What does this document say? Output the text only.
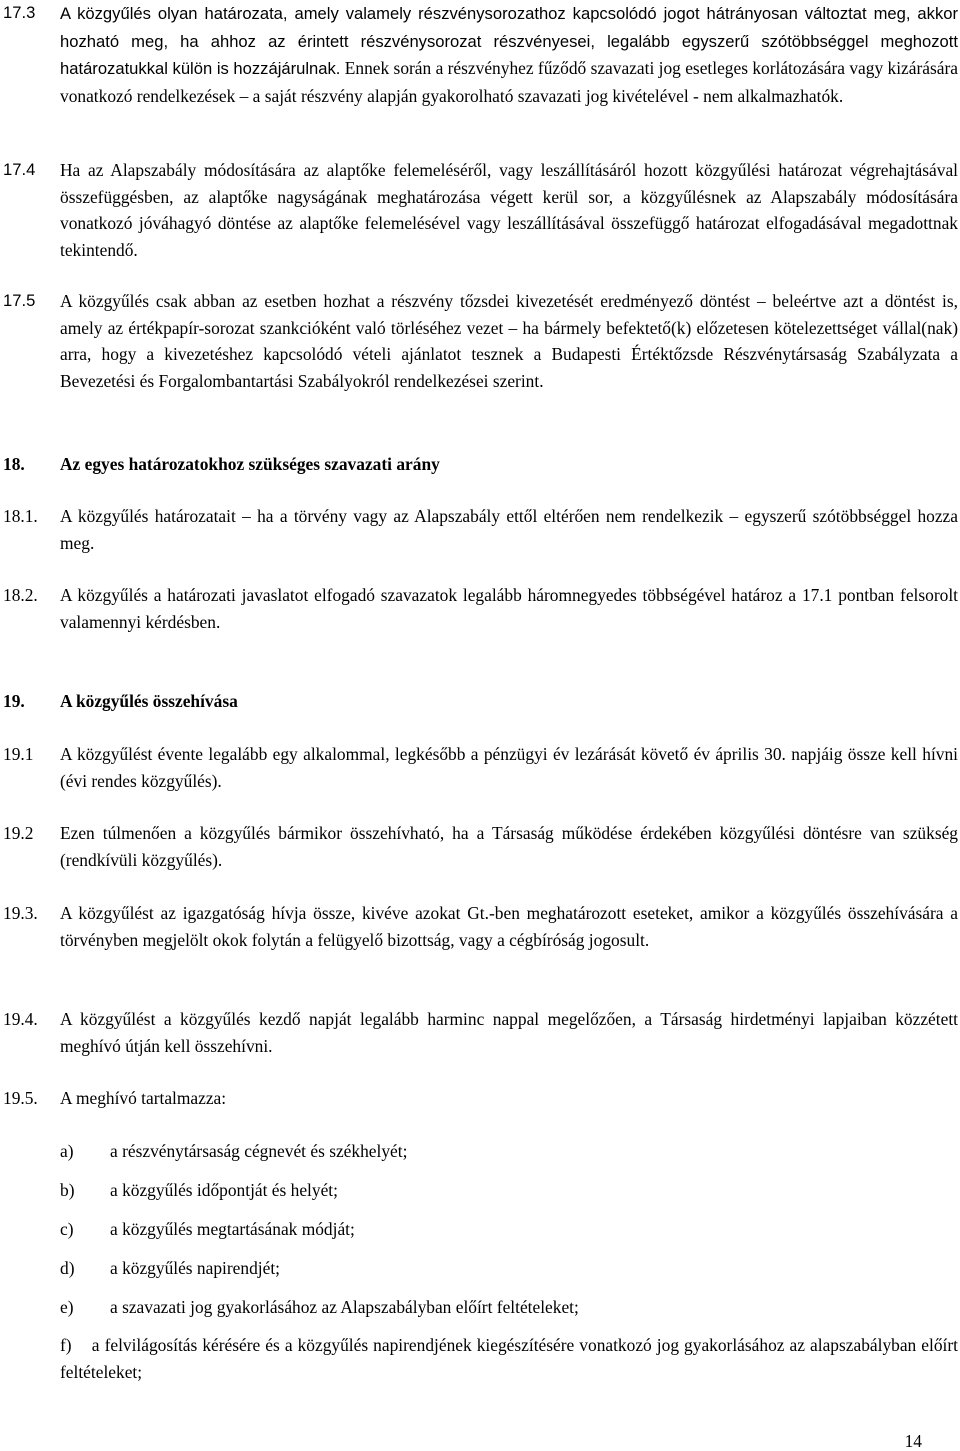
17.3 A közgyűlés olyan határozata, amely valamely részvénysorozathoz kapcsolódó jogot hátrányosan változtat meg, akkor hozható meg, ha ahhoz az érintett részvénysorozat részvényesei, legalább egyszerű szótöbbséggel meghozott határozatukkal külön is hozzájárulnak. Ennek során a részvényhez fűződő szavazati jog esetleges korlátozására vagy kizárására vonatkozó rendelkezések – a saját részvény alapján gyakorolható szavazati jog kivételével - nem alkalmazhatók.
17.4 Ha az Alapszabály módosítására az alaptőke felemeléséről, vagy leszállításáról hozott közgyűlési határozat végrehajtásával összefüggésben, az alaptőke nagyságának meghatározása végett kerül sor, a közgyűlésnek az Alapszabály módosítására vonatkozó jóváhagyó döntése az alaptőke felemelésével vagy leszállításával összefüggő határozat elfogadásával megadottnak tekintendő.
17.5 A közgyűlés csak abban az esetben hozhat a részvény tőzsdei kivezetését eredményező döntést – beleértve azt a döntést is, amely az értékpapír-sorozat szankcióként való törléséhez vezet – ha bármely befektető(k) előzetesen kötelezettséget vállal(nak) arra, hogy a kivezetéshez kapcsolódó vételi ajánlatot tesznek a Budapesti Értéktőzsde Részvénytársaság Szabályzata a Bevezetési és Forgalombantartási Szabályokról rendelkezései szerint.
18. Az egyes határozatokhoz szükséges szavazati arány
18.1. A közgyűlés határozatait – ha a törvény vagy az Alapszabály ettől eltérően nem rendelkezik – egyszerű szótöbbséggel hozza meg.
18.2. A közgyűlés a határozati javaslatot elfogadó szavazatok legalább háromnegyedes többségével határoz a 17.1 pontban felsorolt valamennyi kérdésben.
19. A közgyűlés összehívása
19.1 A közgyűlést évente legalább egy alkalommal, legkésőbb a pénzügyi év lezárását követő év április 30. napjáig össze kell hívni (évi rendes közgyűlés).
19.2 Ezen túlmenően a közgyűlés bármikor összehívható, ha a Társaság működése érdekében közgyűlési döntésre van szükség (rendkívüli közgyűlés).
19.3. A közgyűlést az igazgatóság hívja össze, kivéve azokat Gt.-ben meghatározott eseteket, amikor a közgyűlés összehívására a törvényben megjelölt okok folytán a felügyelő bizottság, vagy a cégbíróság jogosult.
19.4. A közgyűlést a közgyűlés kezdő napját legalább harminc nappal megelőzően, a Társaság hirdetményi lapjaiban közzétett meghívó útján kell összehívni.
19.5. A meghívó tartalmazza:
a) a részvénytársaság cégnevét és székhelyét;
b) a közgyűlés időpontját és helyét;
c) a közgyűlés megtartásának módját;
d) a közgyűlés napirendjét;
e) a szavazati jog gyakorlásához az Alapszabályban előírt feltételeket;
f) a felvilágosítás kérésére és a közgyűlés napirendjének kiegészítésére vonatkozó jog gyakorlásához az alapszabályban előírt feltételeket;
14
